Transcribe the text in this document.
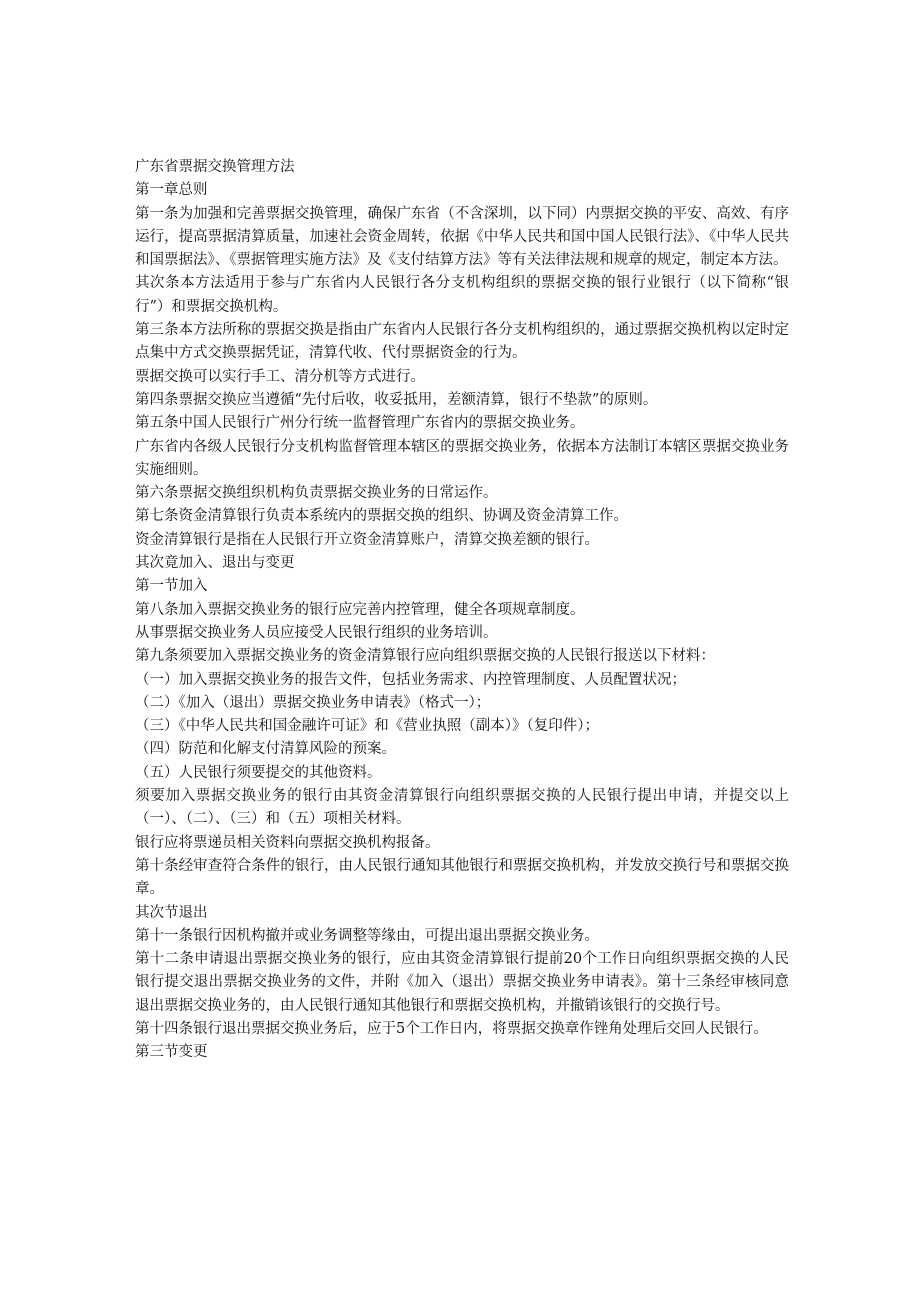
广东省票据交换管理方法

第一章总则

第一条为加强和完善票据交换管理，确保广东省（不含深圳，以下同）内票据交换的平安、高效、有序运行，提高票据清算质量，加速社会资金周转，依据《中华人民共和国中国人民银行法》、《中华人民共和国票据法》、《票据管理实施方法》及《支付结算方法》等有关法律法规和规章的规定，制定本方法。

其次条本方法适用于参与广东省内人民银行各分支机构组织的票据交换的银行业银行（以下简称“银行”）和票据交换机构。

第三条本方法所称的票据交换是指由广东省内人民银行各分支机构组织的，通过票据交换机构以定时定点集中方式交换票据凭证，清算代收、代付票据资金的行为。

票据交换可以实行手工、清分机等方式进行。

第四条票据交换应当遵循“先付后收，收妥抵用，差额清算，银行不垫款”的原则。

第五条中国人民银行广州分行统一监督管理广东省内的票据交换业务。

广东省内各级人民银行分支机构监督管理本辖区的票据交换业务，依据本方法制订本辖区票据交换业务实施细则。

第六条票据交换组织机构负责票据交换业务的日常运作。

第七条资金清算银行负责本系统内的票据交换的组织、协调及资金清算工作。

资金清算银行是指在人民银行开立资金清算账户，清算交换差额的银行。

其次竟加入、退出与变更

第一节加入

第八条加入票据交换业务的银行应完善内控管理，健全各项规章制度。

从事票据交换业务人员应接受人民银行组织的业务培训。

第九条须要加入票据交换业务的资金清算银行应向组织票据交换的人民银行报送以下材料：

（一）加入票据交换业务的报告文件，包括业务需求、内控管理制度、人员配置状况；

（二）《加入（退出）票据交换业务申请表》（格式一）；

（三）《中华人民共和国金融许可证》和《营业执照（副本）》（复印件）；

（四）防范和化解支付清算风险的预案。

（五）人民银行须要提交的其他资料。

须要加入票据交换业务的银行由其资金清算银行向组织票据交换的人民银行提出申请，并提交以上（一）、（二）、（三）和（五）项相关材料。

银行应将票递员相关资料向票据交换机构报备。

第十条经审查符合条件的银行，由人民银行通知其他银行和票据交换机构，并发放交换行号和票据交换章。

其次节退出

第十一条银行因机构撤并或业务调整等缘由，可提出退出票据交换业务。

第十二条申请退出票据交换业务的银行，应由其资金清算银行提前20个工作日向组织票据交换的人民银行提交退出票据交换业务的文件，并附《加入（退出）票据交换业务申请表》。第十三条经审核同意退出票据交换业务的，由人民银行通知其他银行和票据交换机构，并撤销该银行的交换行号。

第十四条银行退出票据交换业务后，应于5个工作日内，将票据交换章作锉角处理后交回人民银行。

第三节变更
